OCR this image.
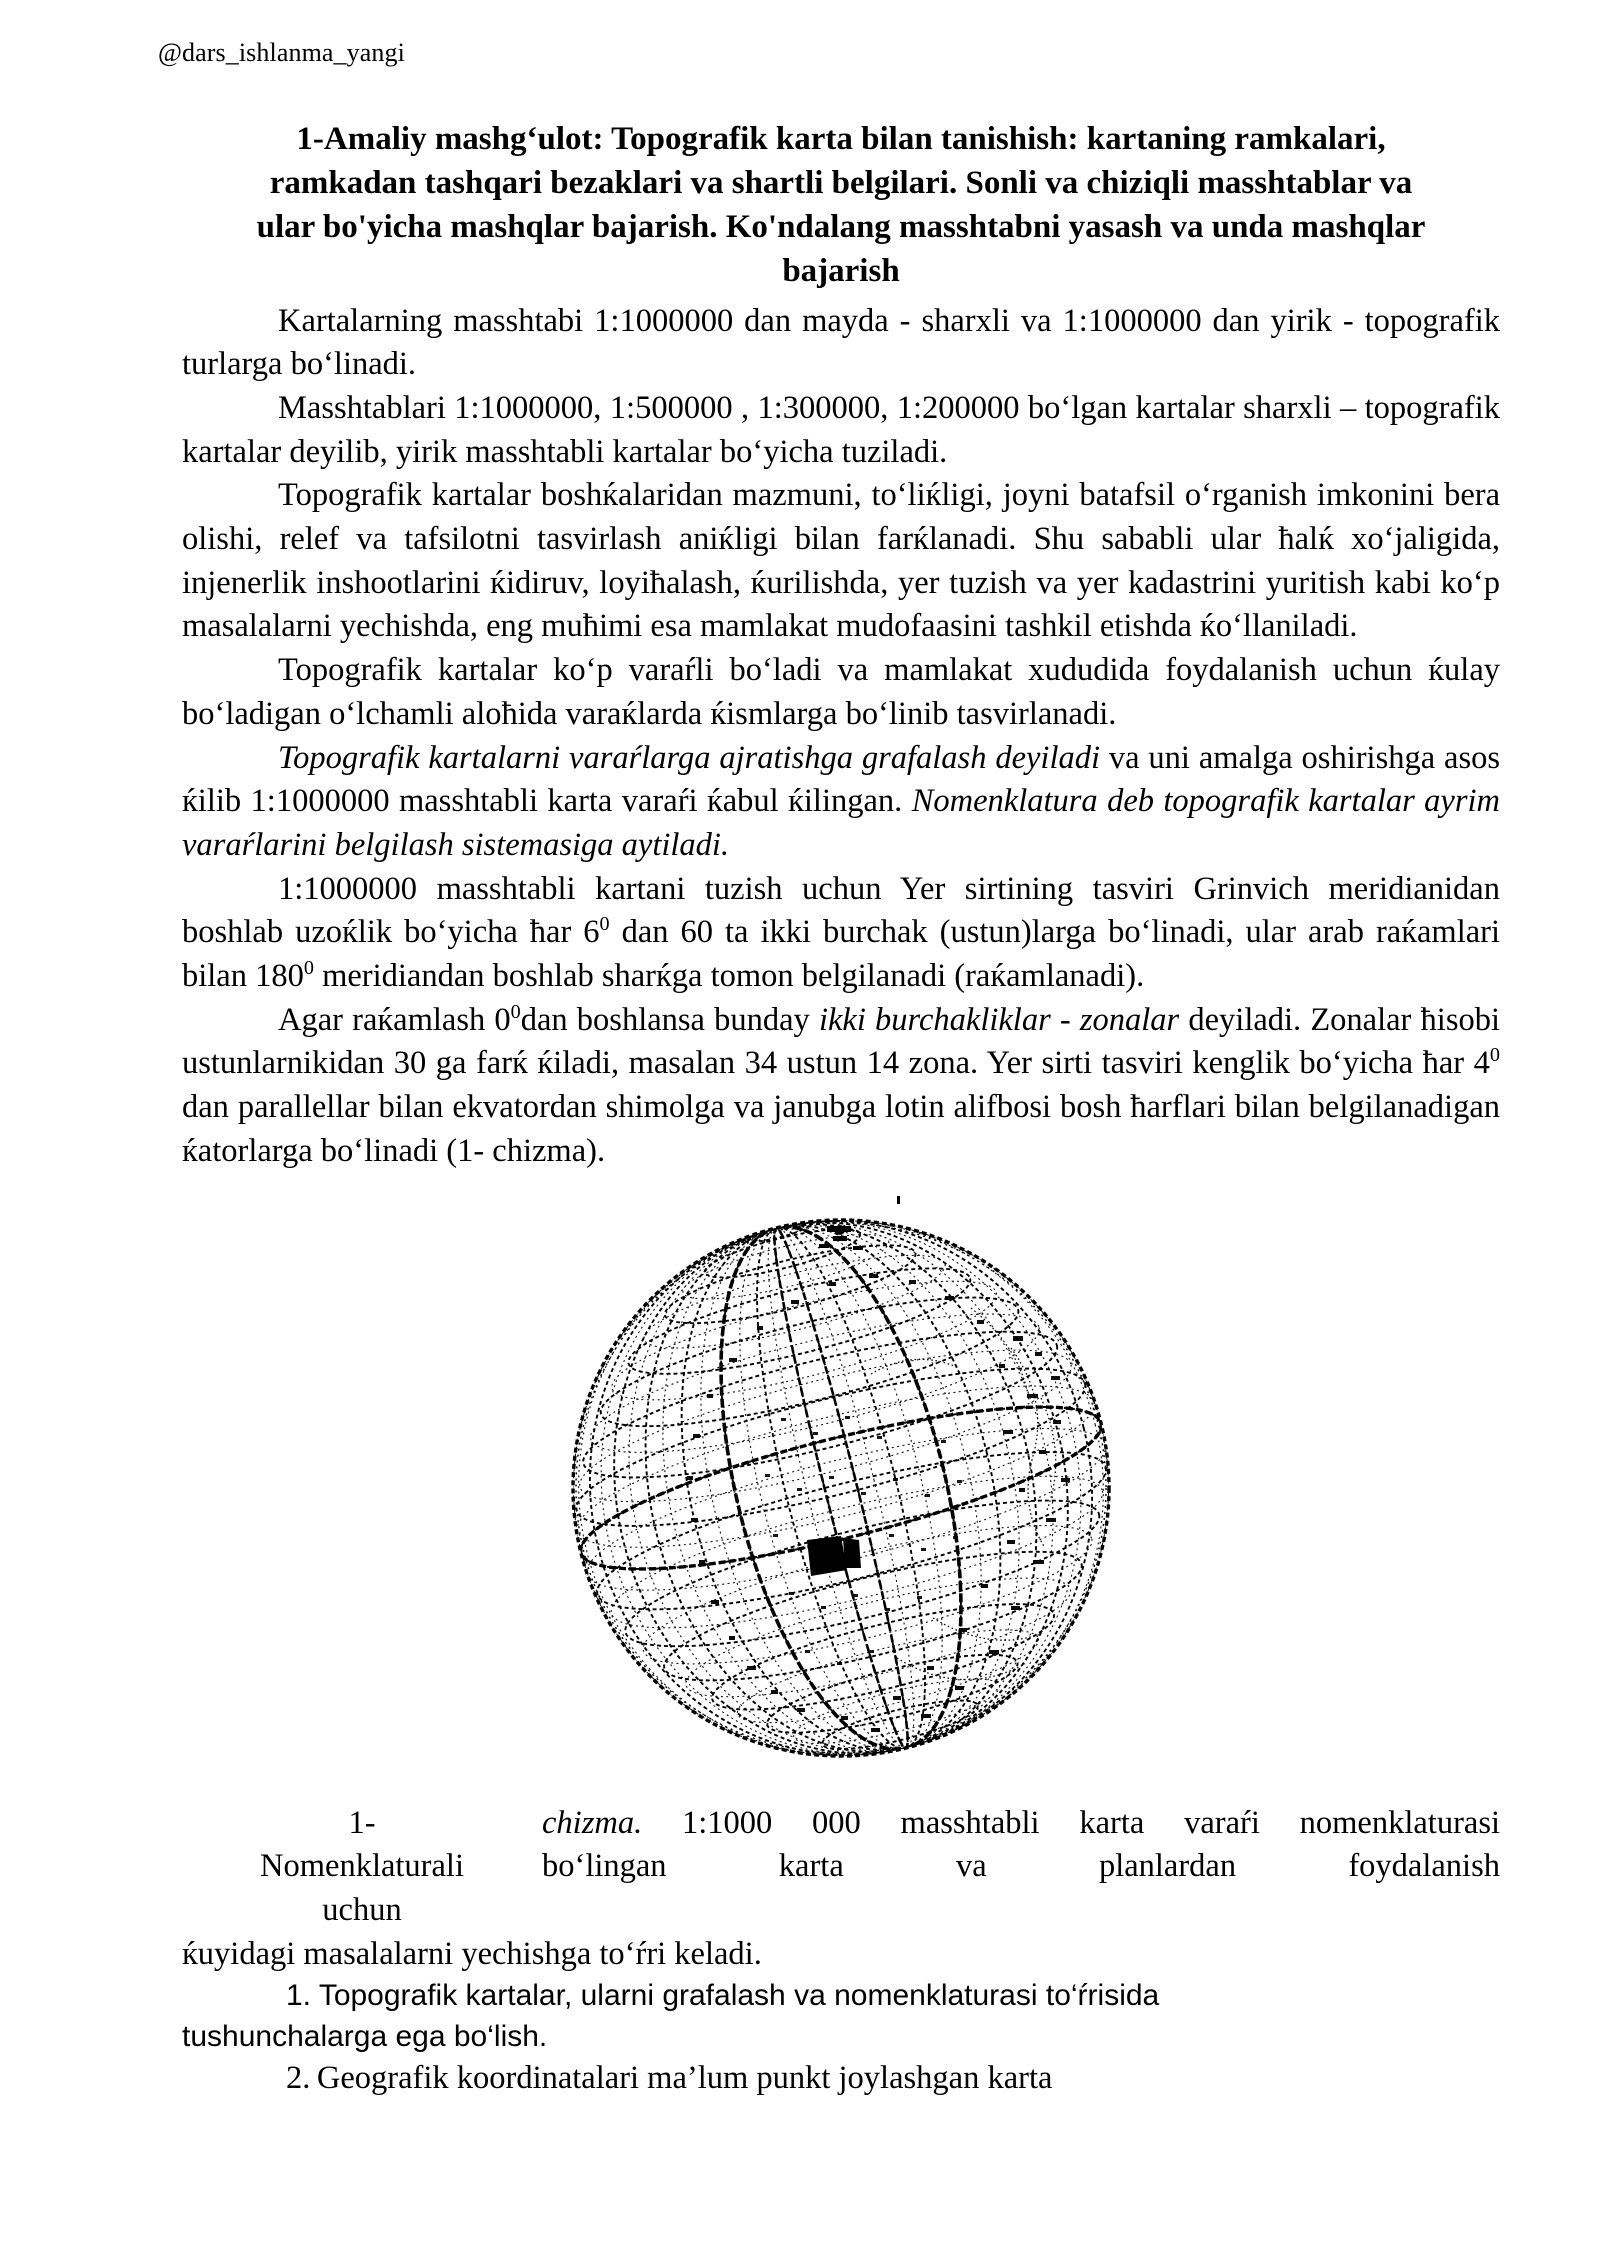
@dars_ishlanma_yangi
1-Amaliy mashg‘ulot: Topografik karta bilan tanishish: kartaning ramkalari,
ramkadan tashqari bezaklari va shartli belgilari. Sonli va chiziqli masshtablar va
ular bo'yicha mashqlar bajarish. Ko'ndalang masshtabni yasash va unda mashqlar
bajarish

Kartalarning masshtabi 1:1000000 dan mayda - sharxli va 1:1000000 dan yirik - topografik turlarga bo‘linadi.

Masshtablari 1:1000000, 1:500000 , 1:300000, 1:200000 bo‘lgan kartalar sharxli – topografik kartalar deyilib, yirik masshtabli kartalar bo‘yicha tuziladi.

Topografik kartalar boshќalaridan mazmuni, to‘liќligi, joyni batafsil o‘rganish imkonini bera olishi, relef va tafsilotni tasvirlash aniќligi bilan farќlanadi. Shu sababli ular ħalќ xo‘jaligida, injenerlik inshootlarini ќidiruv, loyiħalash, ќurilishda, yer tuzish va yer kadastrini yuritish kabi ko‘p masalalarni yechishda, eng muħimi esa mamlakat mudofaasini tashkil etishda ќo‘llaniladi.

Topografik kartalar ko‘p varaŕli bo‘ladi va mamlakat xududida foydalanish uchun ќulay bo‘ladigan o‘lchamli aloħida varaќlarda ќismlarga bo‘linib tasvirlanadi.

Topografik kartalarni varaŕlarga ajratishga grafalash deyiladi va uni amalga oshirishga asos ќilib 1:1000000 masshtabli karta varaŕi ќabul ќilingan. Nomenklatura deb topografik kartalar ayrim varaŕlarini belgilash sistemasiga aytiladi.

1:1000000 masshtabli kartani tuzish uchun Yer sirtining tasviri Grinvich meridianidan boshlab uzoќlik bo‘yicha ħar $6^0$ dan 60 ta ikki burchak (ustun)larga bo‘linadi, ular arab raќamlari bilan $180^0$ meridiandan boshlab sharќga tomon belgilanadi (raќamlanadi).

Agar raќamlash $0^0dan$ boshlansa bunday ikki burchakliklar - zonalar deyiladi. Zonalar ħisobi ustunlarnikidan 30 ga farќ ќiladi, masalan 34 ustun 14 zona. Yer sirti tasviri kenglik bo‘yicha ħar $4^0$ dan parallellar bilan ekvatordan shimolga va janubga lotin alifbosi bosh ħarflari bilan belgilanadigan ќatorlarga bo‘linadi (1- chizma).

1-	chizma. 1:1000 000 masshtabli karta varaŕi nomenklaturasi
Nomenklaturali	bo‘lingan karta va planlardan foydalanish
uchun

ќuyidagi masalalarni yechishga to‘ŕri keladi.

1. Topografik kartalar, ularni grafalash va nomenklaturasi to‘ŕrisida

tushunchalarga ega bo‘lish.

2. Geografik koordinatalari ma’lum punkt joylashgan karta
